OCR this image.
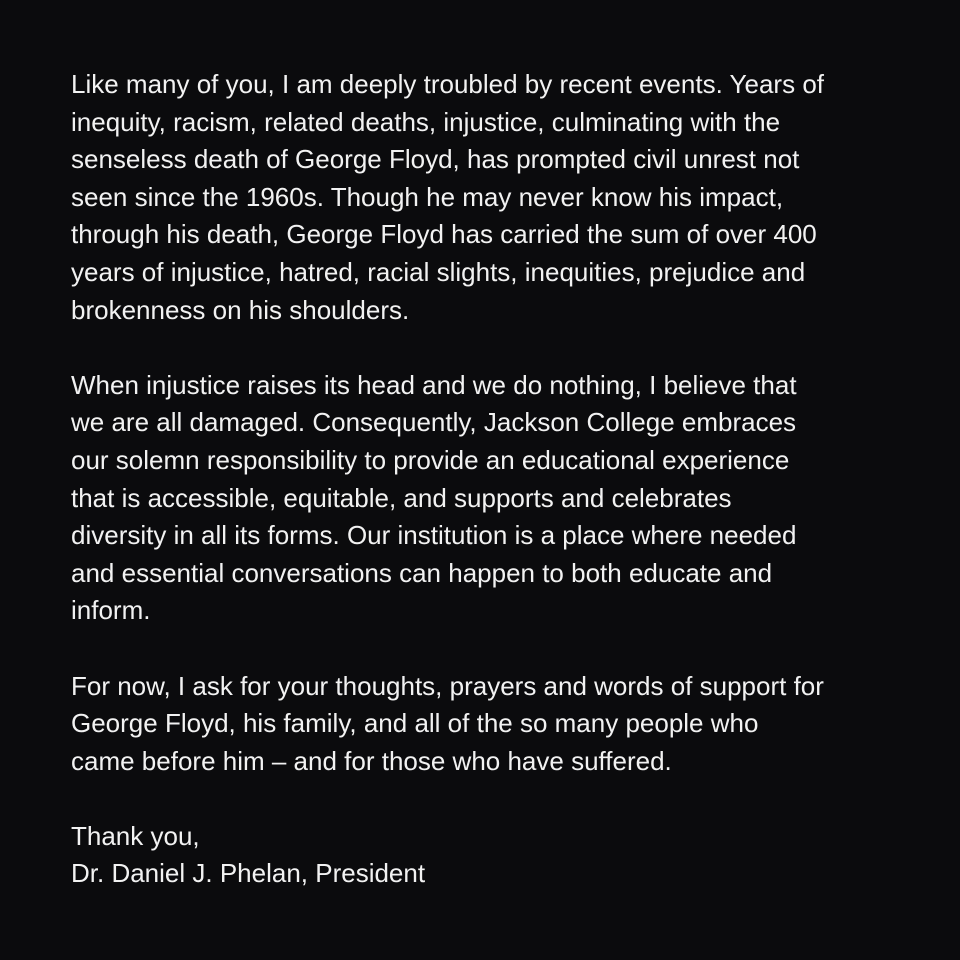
Like many of you, I am deeply troubled by recent events. Years of
inequity, racism, related deaths, injustice, culminating with the
senseless death of George Floyd, has prompted civil unrest not
seen since the 1960s. Though he may never know his impact,
through his death, George Floyd has carried the sum of over 400
years of injustice, hatred, racial slights, inequities, prejudice and
brokenness on his shoulders.
When injustice raises its head and we do nothing, I believe that
we are all damaged. Consequently, Jackson College embraces
our solemn responsibility to provide an educational experience
that is accessible, equitable, and supports and celebrates
diversity in all its forms. Our institution is a place where needed
and essential conversations can happen to both educate and
inform.
For now, I ask for your thoughts, prayers and words of support for
George Floyd, his family, and all of the so many people who
came before him – and for those who have suffered.
Thank you,
Dr. Daniel J. Phelan, President
